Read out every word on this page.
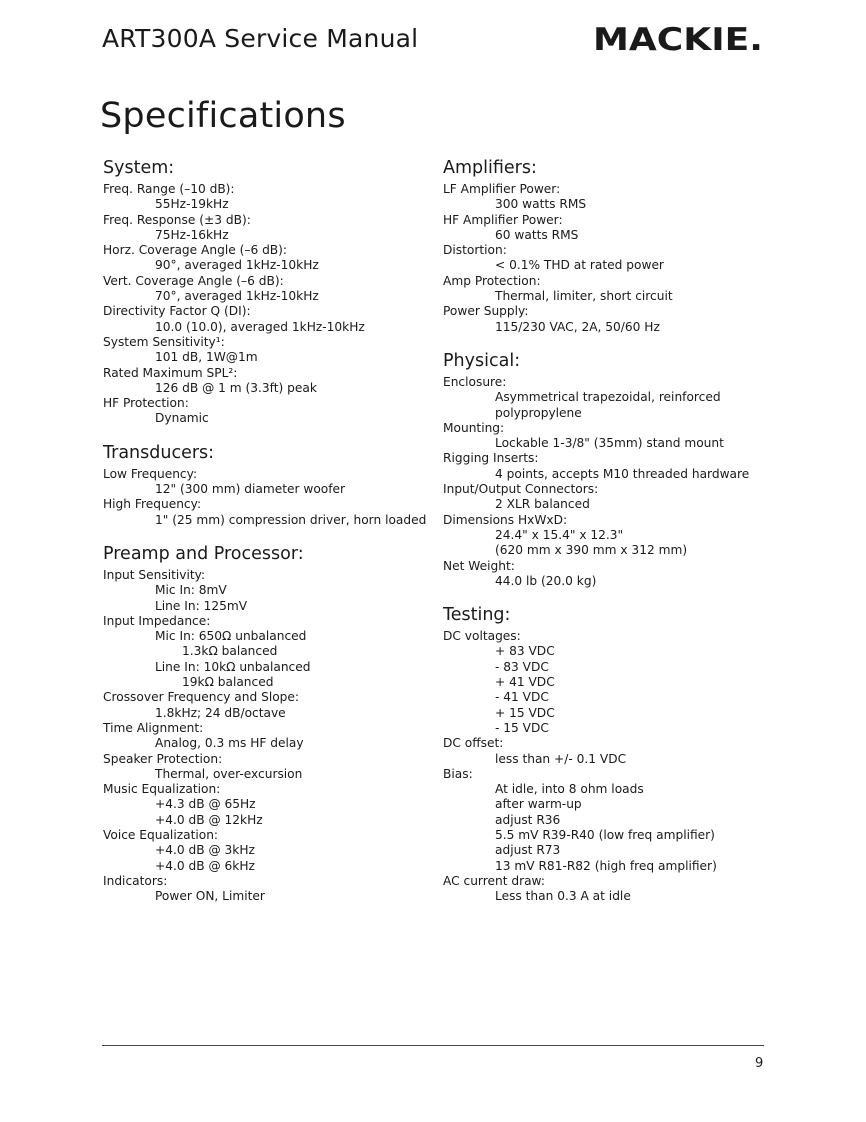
ART300A Service Manual	MACKIE.
Specifications
System:
Freq. Range (–10 dB):
55Hz-19kHz
Freq. Response (±3 dB):
75Hz-16kHz
Horz. Coverage Angle (–6 dB):
90°, averaged 1kHz-10kHz
Vert. Coverage Angle (–6 dB):
70°, averaged 1kHz-10kHz
Directivity Factor Q (DI):
10.0 (10.0), averaged 1kHz-10kHz
System Sensitivity¹:
101 dB, 1W@1m
Rated Maximum SPL²:
126 dB @ 1 m (3.3ft) peak
HF Protection:
Dynamic
Transducers:
Low Frequency:
12" (300 mm) diameter woofer
High Frequency:
1" (25 mm) compression driver, horn loaded
Preamp and Processor:
Input Sensitivity:
Mic In: 8mV
Line In: 125mV
Input Impedance:
Mic In: 650Ω unbalanced
1.3kΩ balanced
Line In: 10kΩ unbalanced
19kΩ balanced
Crossover Frequency and Slope:
1.8kHz; 24 dB/octave
Time Alignment:
Analog, 0.3 ms HF delay
Speaker Protection:
Thermal, over-excursion
Music Equalization:
+4.3 dB @ 65Hz
+4.0 dB @ 12kHz
Voice Equalization:
+4.0 dB @ 3kHz
+4.0 dB @ 6kHz
Indicators:
Power ON, Limiter
Amplifiers:
LF Amplifier Power:
300 watts RMS
HF Amplifier Power:
60 watts RMS
Distortion:
< 0.1% THD at rated power
Amp Protection:
Thermal, limiter, short circuit
Power Supply:
115/230 VAC, 2A, 50/60 Hz
Physical:
Enclosure:
Asymmetrical trapezoidal, reinforced
polypropylene
Mounting:
Lockable 1-3/8" (35mm) stand mount
Rigging Inserts:
4 points, accepts M10 threaded hardware
Input/Output Connectors:
2 XLR balanced
Dimensions HxWxD:
24.4" x 15.4" x 12.3"
(620 mm x 390 mm x 312 mm)
Net Weight:
44.0 lb (20.0 kg)
Testing:
DC voltages:
+ 83 VDC
- 83 VDC
+ 41 VDC
- 41 VDC
+ 15 VDC
- 15 VDC
DC offset:
less than +/- 0.1 VDC
Bias:
At idle, into 8 ohm loads
after warm-up
adjust R36
5.5 mV R39-R40 (low freq amplifier)
adjust R73
13 mV R81-R82 (high freq amplifier)
AC current draw:
Less than 0.3 A at idle
9
